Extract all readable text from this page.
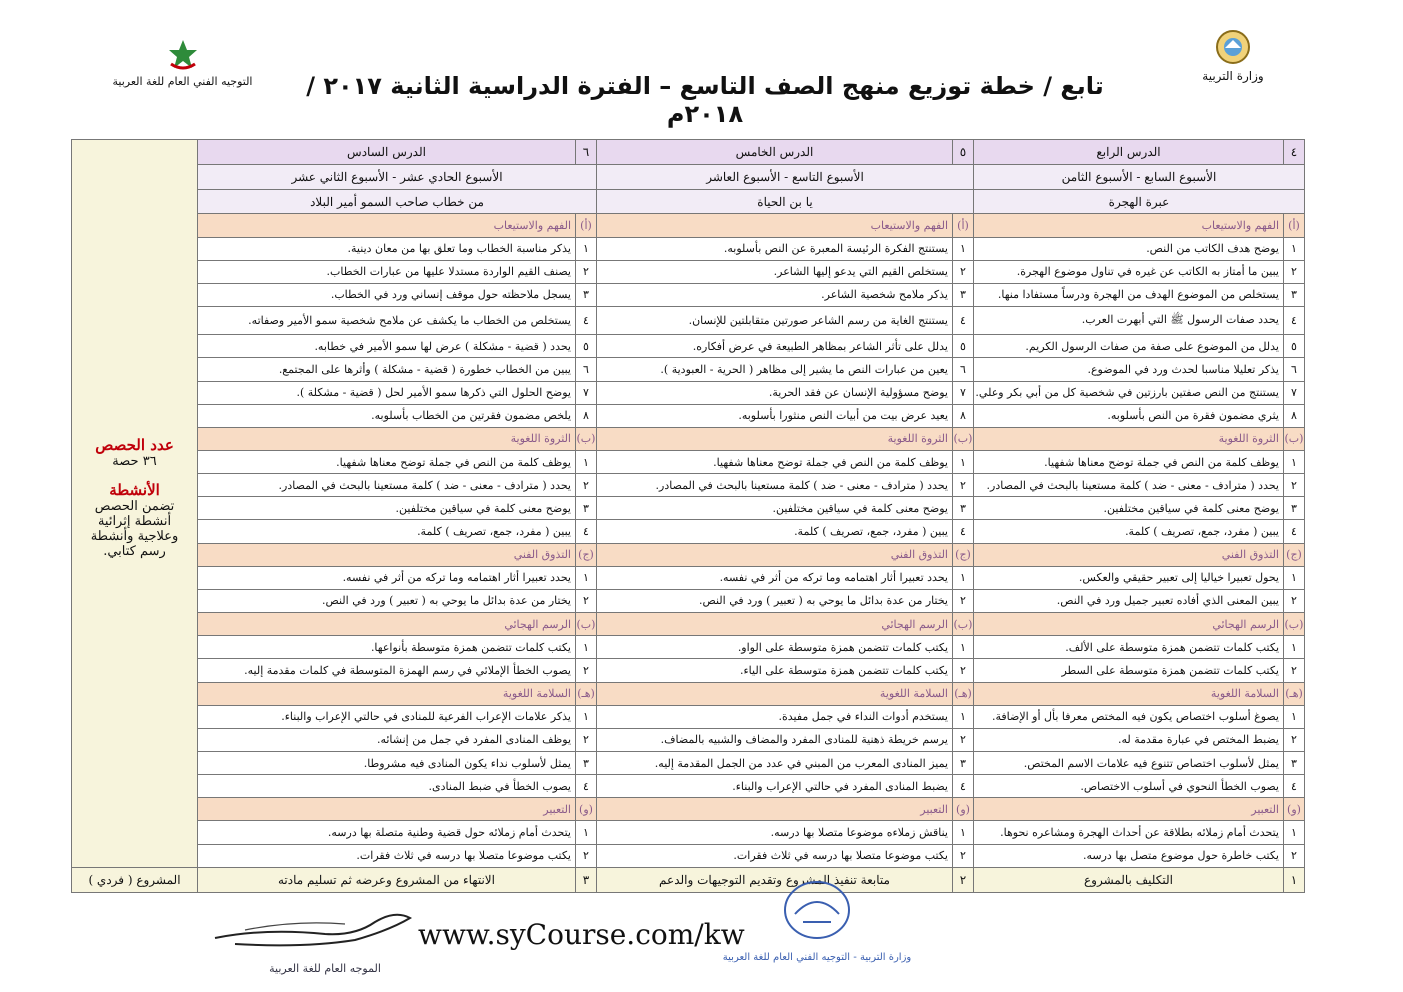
التوجيه الفني العام للغة العربية	وزارة التربية
تابع / خطة توزيع منهج الصف التاسع – الفترة الدراسية الثانية ٢٠١٧ / ٢٠١٨م
٤	الدرس الرابع	٥	الدرس الخامس	٦	الدرس السادس	عدد الحصص
٣٦ حصة
الأنشطة
تضمن الحصص أنشطة إثرائية وعلاجية وأنشطة رسم كتابي.

الأسبوع السابع - الأسبوع الثامن		الأسبوع التاسع - الأسبوع العاشر		الأسبوع الحادي عشر - الأسبوع الثاني عشر		
عبرة الهجرة		يا بن الحياة		من خطاب صاحب السمو أمير البلاد		
(أ)	الفهم والاستيعاب	(أ)	الفهم والاستيعاب	(أ)	الفهم والاستيعاب	
١	يوضح هدف الكاتب من النص.	١	يستنتج الفكرة الرئيسة المعبرة عن النص بأسلوبه.	١	يذكر مناسبة الخطاب وما تعلق بها من معان دينية.	
٢	يبين ما أمتاز به الكاتب عن غيره في تناول موضوع الهجرة.	٢	يستخلص القيم التي يدعو إليها الشاعر.	٢	يصنف القيم الواردة مستدلا عليها من عبارات الخطاب.	
٣	يستخلص من الموضوع الهدف من الهجرة ودرساً مستفادا منها.	٣	يذكر ملامح شخصية الشاعر.	٣	يسجل ملاحظته حول موقف إنساني ورد في الخطاب.	
٤	يحدد صفات الرسول ﷺ التي أبهرت العرب.	٤	يستنتج الغاية من رسم الشاعر صورتين متقابلتين للإنسان.	٤	يستخلص من الخطاب ما يكشف عن ملامح شخصية سمو الأمير وصفاته.	
٥	يدلل من الموضوع على صفة من صفات الرسول الكريم.	٥	يدلل على تأثر الشاعر بمظاهر الطبيعة في عرض أفكاره.	٥	يحدد ( قضية - مشكلة ) عرض لها سمو الأمير في خطابه.	
٦	يذكر تعليلا مناسبا لحدث ورد في الموضوع.	٦	يعين من عبارات النص ما يشير إلى مظاهر ( الحرية - العبودية ).	٦	يبين من الخطاب خطورة ( قضية - مشكلة ) وأثرها على المجتمع.	
٧	يستنتج من النص صفتين بارزتين في شخصية كل من أبي بكر وعلي.	٧	يوضح مسؤولية الإنسان عن فقد الحرية.	٧	يوضح الحلول التي ذكرها سمو الأمير لحل ( قضية - مشكلة ).	
٨	يثري مضمون فقرة من النص بأسلوبه.	٨	يعيد عرض بيت من أبيات النص منثورا بأسلوبه.	٨	يلخص مضمون فقرتين من الخطاب بأسلوبه.	
(ب)	الثروة اللغوية	(ب)	الثروة اللغوية	(ب)	الثروة اللغوية	
١	يوظف كلمة من النص في جملة توضح معناها شفهيا.	١	يوظف كلمة من النص في جملة توضح معناها شفهيا.	١	يوظف كلمة من النص في جملة توضح معناها شفهيا.	
٢	يحدد ( مترادف - معنى - ضد ) كلمة مستعينا بالبحث في المصادر.	٢	يحدد ( مترادف - معنى - ضد ) كلمة مستعينا بالبحث في المصادر.	٢	يحدد ( مترادف - معنى - ضد ) كلمة مستعينا بالبحث في المصادر.	
٣	يوضح معنى كلمة في سياقين مختلفين.	٣	يوضح معنى كلمة في سياقين مختلفين.	٣	يوضح معنى كلمة في سياقين مختلفين.	
٤	يبين ( مفرد، جمع، تصريف ) كلمة.	٤	يبين ( مفرد، جمع، تصريف ) كلمة.	٤	يبين ( مفرد، جمع، تصريف ) كلمة.	
(ج)	التذوق الفني	(ج)	التذوق الفني	(ج)	التذوق الفني	
١	يحول تعبيرا خياليا إلى تعبير حقيقي والعكس.	١	يحدد تعبيرا أثار اهتمامه وما تركه من أثر في نفسه.	١	يحدد تعبيرا أثار اهتمامه وما تركه من أثر في نفسه.	
٢	يبين المعنى الذي أفاده تعبير جميل ورد في النص.	٢	يختار من عدة بدائل ما يوحي به ( تعبير ) ورد في النص.	٢	يختار من عدة بدائل ما يوحي به ( تعبير ) ورد في النص.	
(ب)	الرسم الهجائي	(ب)	الرسم الهجائي	(ب)	الرسم الهجائي	
١	يكتب كلمات تتضمن همزة متوسطة على الألف.	١	يكتب كلمات تتضمن همزة متوسطة على الواو.	١	يكتب كلمات تتضمن همزة متوسطة بأنواعها.	
٢	يكتب كلمات تتضمن همزة متوسطة على السطر	٢	يكتب كلمات تتضمن همزة متوسطة على الياء.	٢	يصوب الخطأ الإملائي في رسم الهمزة المتوسطة في كلمات مقدمة إليه.	
(هـ)	السلامة اللغوية	(هـ)	السلامة اللغوية	(هـ)	السلامة اللغوية	
١	يصوغ أسلوب اختصاص يكون فيه المختص معرفا بأل أو الإضافة.	١	يستخدم أدوات النداء في جمل مفيدة.	١	يذكر علامات الإعراب الفرعية للمنادى في حالتي الإعراب والبناء.	
٢	يضبط المختص في عبارة مقدمة له.	٢	يرسم خريطة ذهنية للمنادى المفرد والمضاف والشبيه بالمضاف.	٢	يوظف المنادى المفرد في جمل من إنشائه.	
٣	يمثل لأسلوب اختصاص تتنوع فيه علامات الاسم المختص.	٣	يميز المنادى المعرب من المبني في عدد من الجمل المقدمة إليه.	٣	يمثل لأسلوب نداء يكون المنادى فيه مشروطا.	
٤	يصوب الخطأ النحوي في أسلوب الاختصاص.	٤	يضبط المنادى المفرد في حالتي الإعراب والبناء.	٤	يصوب الخطأ في ضبط المنادى.	
(و)	التعبير	(و)	التعبير	(و)	التعبير	
١	يتحدث أمام زملائه بطلاقة عن أحداث الهجرة ومشاعره نحوها.	١	يناقش زملاءه موضوعا متصلا بها درسه.	١	يتحدث أمام زملائه حول قضية وطنية متصلة بها درسه.	
٢	يكتب خاطرة حول موضوع متصل بها درسه.	٢	يكتب موضوعا متصلا بها درسه في ثلاث فقرات.	٢	يكتب موضوعا متصلا بها درسه في ثلاث فقرات.	
١	التكليف بالمشروع	٢	متابعة تنفيذ المشروع وتقديم التوجيهات والدعم	٣	الانتهاء من المشروع وعرضه ثم تسليم مادته	المشروع ( فردي )
الموجه العام للغة العربية
www.syCourse.com/kw
وزارة التربية - التوجيه الفني العام للغة العربية
